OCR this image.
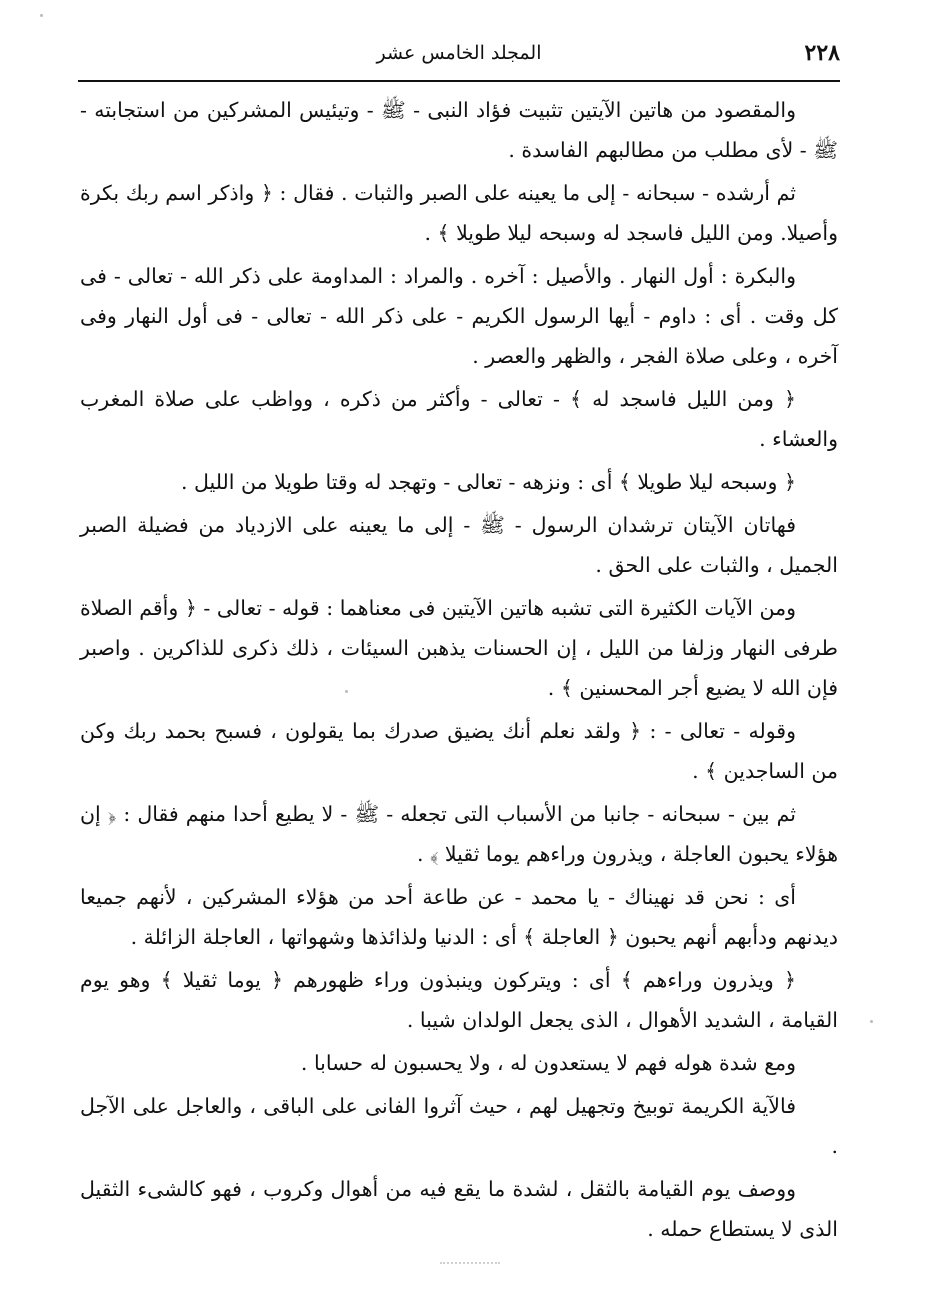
٢٢٨
المجلد الخامس عشر

والمقصود من هاتين الآيتين تثبيت فؤاد النبى - ﷺ - وتيئيس المشركين من استجابته - ﷺ - لأى مطلب من مطالبهم الفاسدة .

ثم أرشده - سبحانه - إلى ما يعينه على الصبر والثبات . فقال : ﴿ واذكر اسم ربك بكرة وأصيلا. ومن الليل فاسجد له وسبحه ليلا طويلا ﴾ .

والبكرة : أول النهار . والأصيل : آخره . والمراد : المداومة على ذكر الله - تعالى - فى كل وقت . أى : داوم - أيها الرسول الكريم - على ذكر الله - تعالى - فى أول النهار وفى آخره ، وعلى صلاة الفجر ، والظهر والعصر .

﴿ ومن الليل فاسجد له ﴾ - تعالى - وأكثر من ذكره ، وواظب على صلاة المغرب والعشاء .

﴿ وسبحه ليلا طويلا ﴾ أى : ونزهه - تعالى - وتهجد له وقتا طويلا من الليل .

فهاتان الآيتان ترشدان الرسول - ﷺ - إلى ما يعينه على الازدياد من فضيلة الصبر الجميل ، والثبات على الحق .

ومن الآيات الكثيرة التى تشبه هاتين الآيتين فى معناهما : قوله - تعالى - ﴿ وأقم الصلاة طرفى النهار وزلفا من الليل ، إن الحسنات يذهبن السيئات ، ذلك ذكرى للذاكرين . واصبر فإن الله لا يضيع أجر المحسنين ﴾ .

وقوله - تعالى - : ﴿ ولقد نعلم أنك يضيق صدرك بما يقولون ، فسبح بحمد ربك وكن من الساجدين ﴾ .

ثم بين - سبحانه - جانبا من الأسباب التى تجعله - ﷺ - لا يطيع أحدا منهم فقال : ﴿ إن هؤلاء يحبون العاجلة ، ويذرون وراءهم يوما ثقيلا ﴾ .

أى : نحن قد نهيناك - يا محمد - عن طاعة أحد من هؤلاء المشركين ، لأنهم جميعا ديدنهم ودأبهم أنهم يحبون ﴿ العاجلة ﴾ أى : الدنيا ولذائذها وشهواتها ، العاجلة الزائلة .

﴿ ويذرون وراءهم ﴾ أى : ويتركون وينبذون وراء ظهورهم ﴿ يوما ثقيلا ﴾ وهو يوم القيامة ، الشديد الأهوال ، الذى يجعل الولدان شيبا .

ومع شدة هوله فهم لا يستعدون له ، ولا يحسبون له حسابا .

فالآية الكريمة توبيخ وتجهيل لهم ، حيث آثروا الفانى على الباقى ، والعاجل على الآجل .

ووصف يوم القيامة بالثقل ، لشدة ما يقع فيه من أهوال وكروب ، فهو كالشىء الثقيل الذى لا يستطاع حمله .
